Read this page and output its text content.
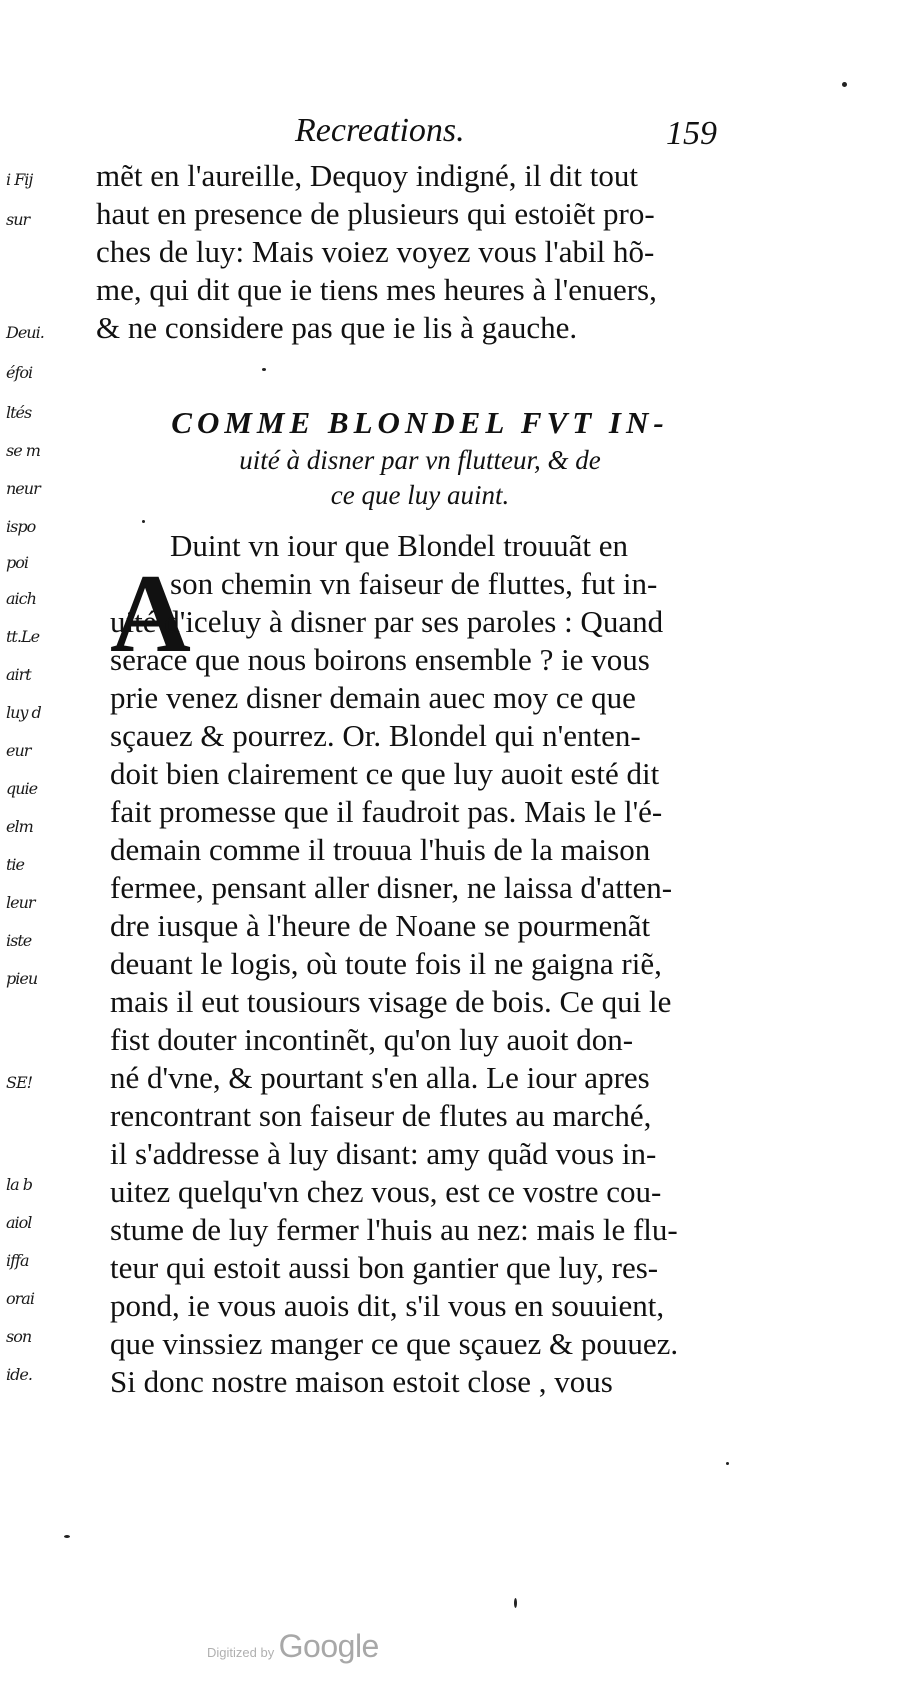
i Fij
sur
Deui.
éfoi
ltés
se m
neur
ispo
poi
aich
tt.Le
airt
luy d
eur
quie
elm
tie
leur
iste
pieu
SE!
la b
aiol
iffa
orai
son
ide.
Recreations.	159
mẽt en l'aureille, Dequoy indigné, il dit tout
haut en presence de plusieurs qui estoiẽt pro-
ches de luy: Mais voiez voyez vous l'abil hõ-
me, qui dit que ie tiens mes heures à l'enuers,
& ne considere pas que ie lis à gauche.
COMME BLONDEL FVT IN-
uité à disner par vn flutteur, & de
ce que luy auint.
A
Duint vn iour que Blondel trouuãt en
son chemin vn faiseur de fluttes, fut in-
uité d'iceluy à disner par ses paroles : Quand
serace que nous boirons ensemble ? ie vous
prie venez disner demain auec moy ce que
sçauez & pourrez. Or. Blondel qui n'enten-
doit bien clairement ce que luy auoit esté dit
fait promesse que il faudroit pas. Mais le l'é-
demain comme il trouua l'huis de la maison
fermee, pensant aller disner, ne laissa d'atten-
dre iusque à l'heure de Noane se pourmenãt
deuant le logis, où toute fois il ne gaigna riẽ,
mais il eut tousiours visage de bois. Ce qui le
fist douter incontinẽt, qu'on luy auoit don-
né d'vne, & pourtant s'en alla. Le iour apres
rencontrant son faiseur de flutes au marché,
il s'addresse à luy disant: amy quãd vous in-
uitez quelqu'vn chez vous, est ce vostre cou-
stume de luy fermer l'huis au nez: mais le flu-
teur qui estoit aussi bon gantier que luy, res-
pond, ie vous auois dit, s'il vous en souuient,
que vinssiez manger ce que sçauez & pouuez.
Si donc nostre maison estoit close , vous
Digitized by Google
